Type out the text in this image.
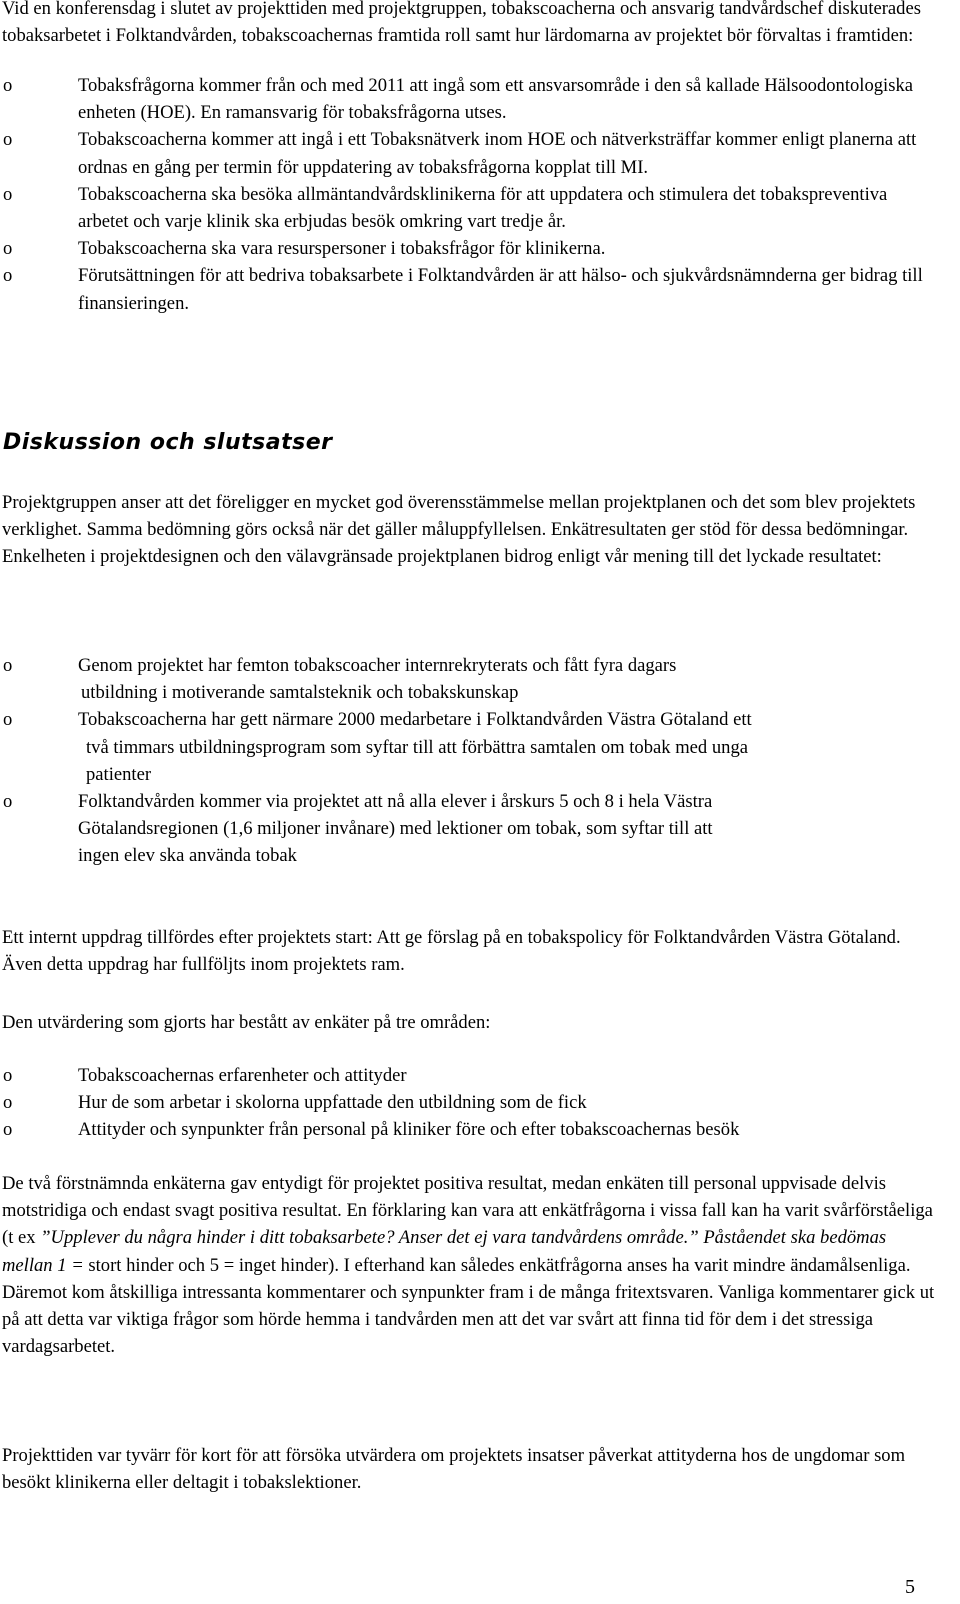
Vid en konferensdag i slutet av projekttiden med projektgruppen, tobakscoacherna och ansvarig tandvårdschef diskuterades tobaksarbetet i Folktandvården, tobakscoachernas framtida roll samt hur lärdomarna av projektet bör förvaltas i framtiden:

o	Tobaksfrågorna kommer från och med 2011 att ingå som ett ansvarsområde i den så kallade Hälsoodontologiska enheten (HOE). En ramansvarig för tobaksfrågorna utses.
o	Tobakscoacherna kommer att ingå i ett Tobaksnätverk inom HOE och nätverksträffar kommer enligt planerna att ordnas en gång per termin för uppdatering av tobaksfrågorna kopplat till MI.
o	Tobakscoacherna ska besöka allmäntandvårdsklinikerna för att uppdatera och stimulera det tobakspreventiva arbetet och varje klinik ska erbjudas besök omkring vart tredje år.
o	Tobakscoacherna ska vara resurspersoner i tobaksfrågor för klinikerna.
o	Förutsättningen för att bedriva tobaksarbete i Folktandvården är att hälso- och sjukvårdsnämnderna ger bidrag till finansieringen.
Diskussion och slutsatser

Projektgruppen anser att det föreligger en mycket god överensstämmelse mellan projektplanen och det som blev projektets verklighet. Samma bedömning görs också när det gäller måluppfyllelsen. Enkätresultaten ger stöd för dessa bedömningar.

Enkelheten i projektdesignen och den välavgränsade projektplanen bidrog enligt vår mening till det lyckade resultatet:

o	Genom projektet har femton tobakscoacher internrekryterats och fått fyra dagars

utbildning i motiverande samtalsteknik och tobakskunskap
o	Tobakscoacherna har gett närmare 2000 medarbetare i Folktandvården Västra Götaland ett

två timmars utbildningsprogram som syftar till att förbättra samtalen om tobak med unga
patienter
o	Folktandvården kommer via projektet att nå alla elever i årskurs 5 och 8 i hela Västra
Götalandsregionen (1,6 miljoner invånare) med lektioner om tobak, som syftar till att
ingen elev ska använda tobak

Ett internt uppdrag tillfördes efter projektets start: Att ge förslag på en tobakspolicy för Folktandvården Västra Götaland. Även detta uppdrag har fullföljts inom projektets ram.

Den utvärdering som gjorts har bestått av enkäter på tre områden:

o	Tobakscoachernas erfarenheter och attityder
o	Hur de som arbetar i skolorna uppfattade den utbildning som de fick
o	Attityder och synpunkter från personal på kliniker före och efter tobakscoachernas besök

De två förstnämnda enkäterna gav entydigt för projektet positiva resultat, medan enkäten till personal uppvisade delvis motstridiga och endast svagt positiva resultat. En förklaring kan vara att enkätfrågorna i vissa fall kan ha varit svårförståeliga (t ex ”Upplever du några hinder i ditt tobaksarbete? Anser det ej vara tandvårdens område.” Påståendet ska bedömas mellan 1 = stort hinder och 5 = inget hinder). I efterhand kan således enkätfrågorna anses ha varit mindre ändamålsenliga.

Däremot kom åtskilliga intressanta kommentarer och synpunkter fram i de många fritextsvaren. Vanliga kommentarer gick ut på att detta var viktiga frågor som hörde hemma i tandvården men att det var svårt att finna tid för dem i det stressiga vardagsarbetet.

Projekttiden var tyvärr för kort för att försöka utvärdera om projektets insatser påverkat attityderna hos de ungdomar som besökt klinikerna eller deltagit i tobakslektioner.

5
